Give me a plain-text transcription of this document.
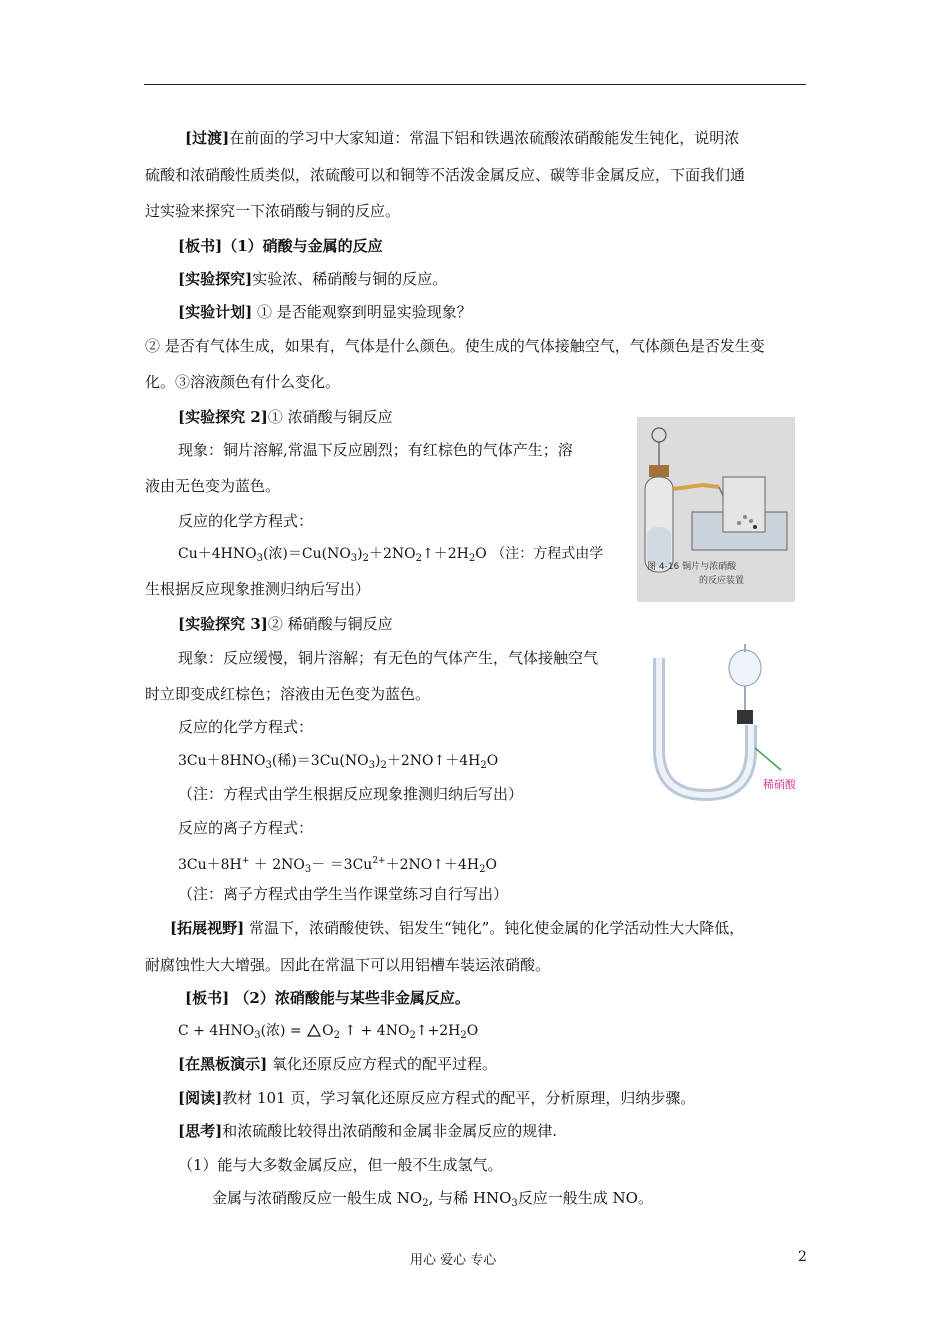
[过渡]在前面的学习中大家知道：常温下铝和铁遇浓硫酸浓硝酸能发生钝化，说明浓
硫酸和浓硝酸性质类似，浓硫酸可以和铜等不活泼金属反应、碳等非金属反应，下面我们通
过实验来探究一下浓硝酸与铜的反应。
[板书]（1）硝酸与金属的反应
[实验探究]实验浓、稀硝酸与铜的反应。
[实验计划] ① 是否能观察到明显实验现象？
② 是否有气体生成，如果有，气体是什么颜色。使生成的气体接触空气，气体颜色是否发生变
化。③溶液颜色有什么变化。
[实验探究 2]① 浓硝酸与铜反应
现象：铜片溶解,常温下反应剧烈；有红棕色的气体产生；溶
液由无色变为蓝色。
反应的化学方程式：
$Cu+4HNO_3$(浓)$=Cu(NO_3)_2+2NO_2↑+2H_2O$ （注：方程式由学
生根据反应现象推测归纳后写出）
图 4-16 铜片与浓硝酸
的反应装置
[实验探究 3]② 稀硝酸与铜反应
现象：反应缓慢，铜片溶解；有无色的气体产生，气体接触空气
时立即变成红棕色；溶液由无色变为蓝色。
反应的化学方程式：
$3Cu+8HNO_3$(稀)$=3Cu(NO_3)_2+2NO↑+4H_2O$
（注：方程式由学生根据反应现象推测归纳后写出）
稀硝酸
反应的离子方程式：
$3Cu+8H^+ + 2NO_3-$ $=3Cu^{2+}+2NO↑+4H_2O$
（注：离子方程式由学生当作课堂练习自行写出）
[拓展视野] 常温下，浓硝酸使铁、铝发生“钝化”。钝化使金属的化学活动性大大降低，
耐腐蚀性大大增强。因此在常温下可以用铝槽车装运浓硝酸。
[板书] （2）浓硝酸能与某些非金属反应。
$C + 4HNO_3$(浓) = $O_2$ ↑ + $4NO_2↑+2H_2O$
[在黑板演示] 氧化还原反应方程式的配平过程。
[阅读]教材 101 页，学习氧化还原反应方程式的配平，分析原理，归纳步骤。
[思考]和浓硫酸比较得出浓硝酸和金属非金属反应的规律.
（1）能与大多数金属反应，但一般不生成氢气。
金属与浓硝酸反应一般生成 $NO_2$, 与稀 $HNO_3$反应一般生成 NO。
用心 爱心 专心	2
